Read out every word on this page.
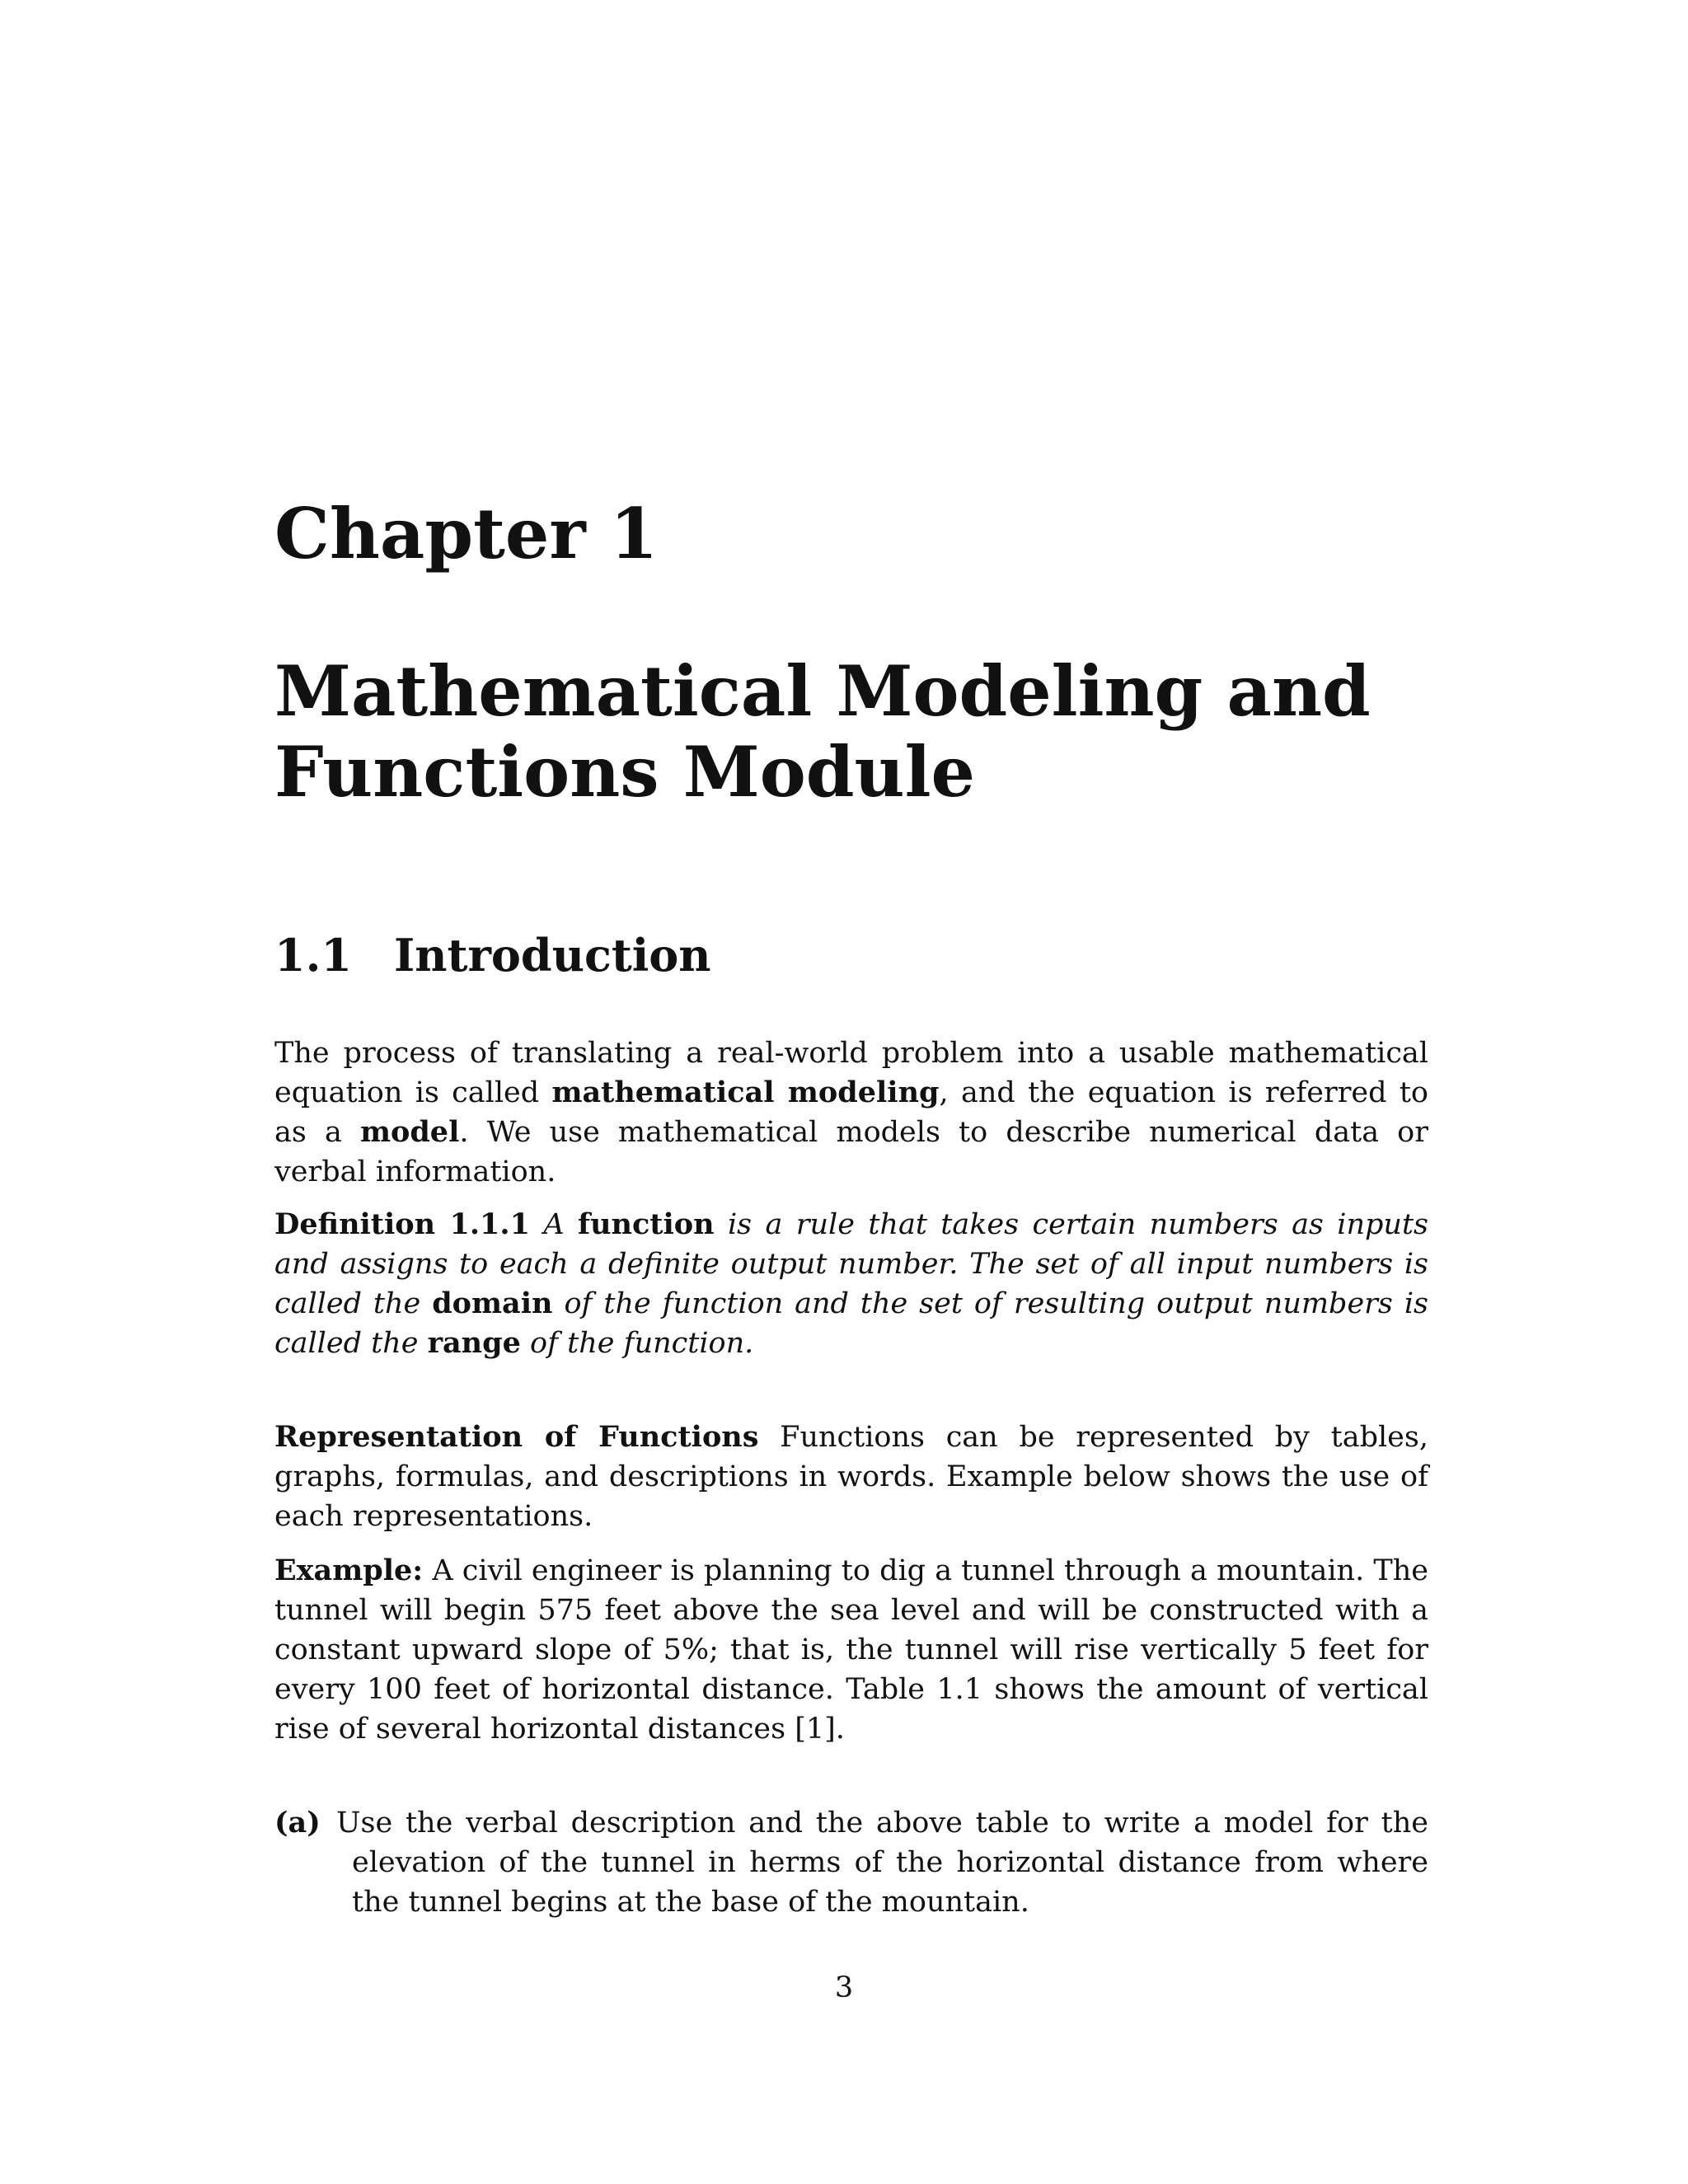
Chapter 1
Mathematical Modeling and Functions Module
1.1 Introduction
The process of translating a real-world problem into a usable mathematical equation is called mathematical modeling, and the equation is referred to as a model. We use mathematical models to describe numerical data or verbal information.
Definition 1.1.1 A function is a rule that takes certain numbers as inputs and assigns to each a definite output number. The set of all input numbers is called the domain of the function and the set of resulting output numbers is called the range of the function.
Representation of Functions Functions can be represented by tables, graphs, formulas, and descriptions in words. Example below shows the use of each representations.
Example: A civil engineer is planning to dig a tunnel through a mountain. The tunnel will begin 575 feet above the sea level and will be constructed with a constant upward slope of 5%; that is, the tunnel will rise vertically 5 feet for every 100 feet of horizontal distance. Table 1.1 shows the amount of vertical rise of several horizontal distances [1].
(a) Use the verbal description and the above table to write a model for the elevation of the tunnel in herms of the horizontal distance from where the tunnel begins at the base of the mountain.
3
